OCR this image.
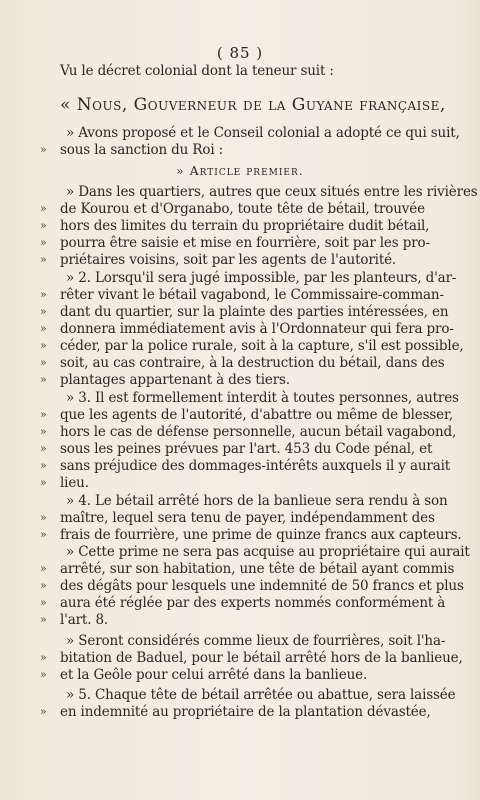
( 85 )
Vu le décret colonial dont la teneur suit :
« Nous, Gouverneur de la Guyane française,
» Avons proposé et le Conseil colonial a adopté ce qui suit,
sous la sanction du Roi :
» Article premier.
» Dans les quartiers, autres que ceux situés entre les rivières
de Kourou et d'Organabo, toute tête de bétail, trouvée
hors des limites du terrain du propriétaire dudit bétail,
pourra être saisie et mise en fourrière, soit par les pro-
priétaires voisins, soit par les agents de l'autorité.
» 2. Lorsqu'il sera jugé impossible, par les planteurs, d'ar-
rêter vivant le bétail vagabond, le Commissaire-comman-
dant du quartier, sur la plainte des parties intéressées, en
donnera immédiatement avis à l'Ordonnateur qui fera pro-
céder, par la police rurale, soit à la capture, s'il est possible,
soit, au cas contraire, à la destruction du bétail, dans des
plantages appartenant à des tiers.
» 3. Il est formellement interdit à toutes personnes, autres
que les agents de l'autorité, d'abattre ou même de blesser,
hors le cas de défense personnelle, aucun bétail vagabond,
sous les peines prévues par l'art. 453 du Code pénal, et
sans préjudice des dommages-intérêts auxquels il y aurait
lieu.
» 4. Le bétail arrêté hors de la banlieue sera rendu à son
maître, lequel sera tenu de payer, indépendamment des
frais de fourrière, une prime de quinze francs aux capteurs.
» Cette prime ne sera pas acquise au propriétaire qui aurait
arrêté, sur son habitation, une tête de bétail ayant commis
des dégâts pour lesquels une indemnité de 50 francs et plus
aura été réglée par des experts nommés conformément à
l'art. 8.
» Seront considérés comme lieux de fourrières, soit l'ha-
bitation de Baduel, pour le bétail arrêté hors de la banlieue,
et la Geôle pour celui arrêté dans la banlieue.
» 5. Chaque tête de bétail arrêtée ou abattue, sera laissée
en indemnité au propriétaire de la plantation dévastée,
»
»
»
»
»
»
»
»
»
»
»
»
»
»
»
»
»
»
»
»
»
»
»
»
»
